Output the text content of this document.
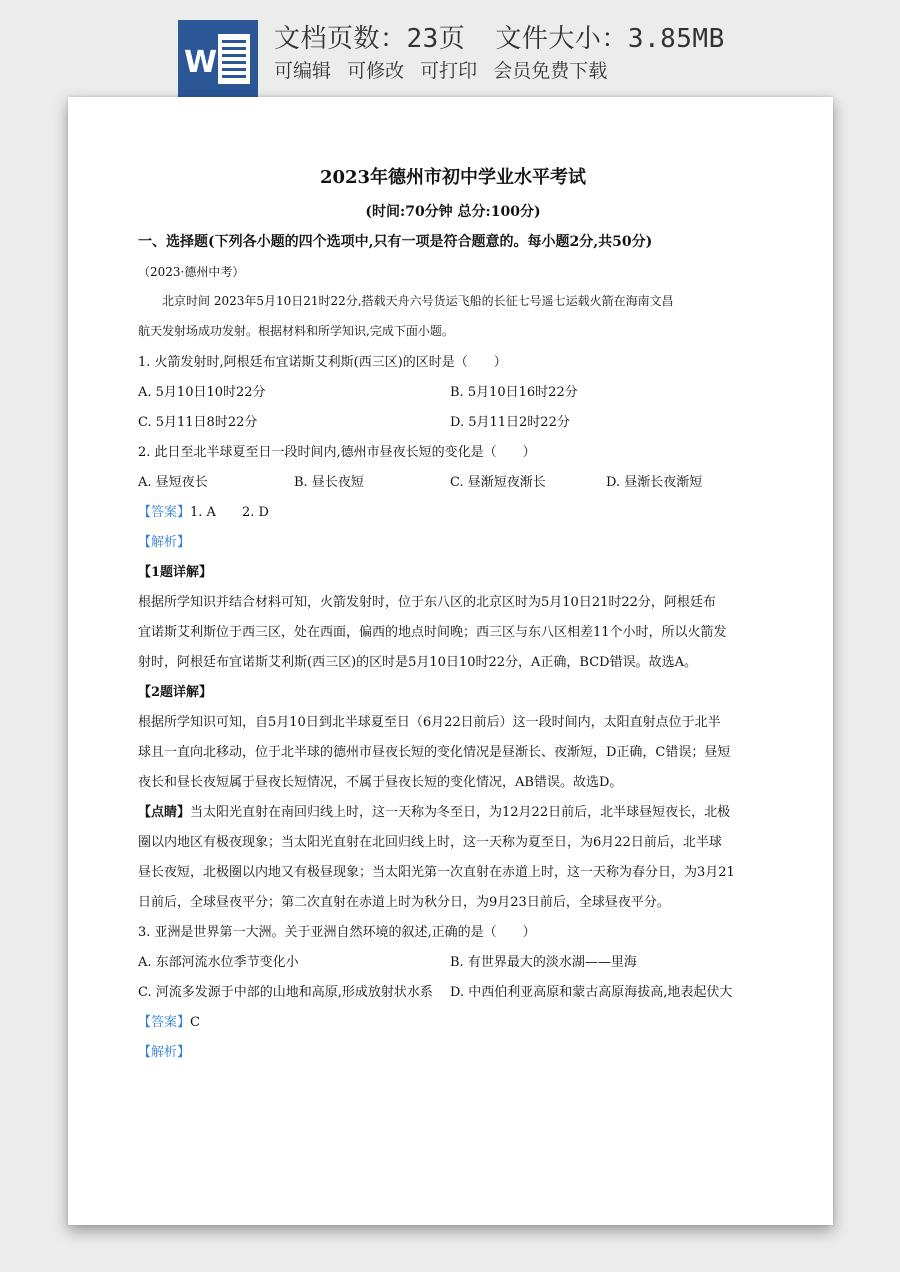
W
文档页数：23页 文件大小：3.85MB
可编辑 可修改 可打印 会员免费下载
2023年德州市初中学业水平考试
(时间:70分钟 总分:100分)
一、选择题(下列各小题的四个选项中,只有一项是符合题意的。每小题2分,共50分)
（2023·德州中考）
北京时间 2023年5月10日21时22分,搭载天舟六号货运飞船的长征七号遥七运载火箭在海南文昌
航天发射场成功发射。根据材料和所学知识,完成下面小题。
1. 火箭发射时,阿根廷布宜诺斯艾利斯(西三区)的区时是（　　）
A. 5月10日10时22分	B. 5月10日16时22分
C. 5月11日8时22分	D. 5月11日2时22分
2. 此日至北半球夏至日一段时间内,德州市昼夜长短的变化是（　　）
A. 昼短夜长	B. 昼长夜短	C. 昼渐短夜渐长	D. 昼渐长夜渐短
【答案】1. A　　2. D
【解析】
【1题详解】
根据所学知识并结合材料可知，火箭发射时，位于东八区的北京区时为5月10日21时22分，阿根廷布
宜诺斯艾利斯位于西三区，处在西面，偏西的地点时间晚；西三区与东八区相差11个小时，所以火箭发
射时，阿根廷布宜诺斯艾利斯(西三区)的区时是5月10日10时22分，A正确，BCD错误。故选A。
【2题详解】
根据所学知识可知，自5月10日到北半球夏至日（6月22日前后）这一段时间内，太阳直射点位于北半
球且一直向北移动，位于北半球的德州市昼夜长短的变化情况是昼渐长、夜渐短，D正确，C错误；昼短
夜长和昼长夜短属于昼夜长短情况，不属于昼夜长短的变化情况，AB错误。故选D。
【点睛】当太阳光直射在南回归线上时，这一天称为冬至日，为12月22日前后，北半球昼短夜长，北极
圈以内地区有极夜现象；当太阳光直射在北回归线上时，这一天称为夏至日，为6月22日前后，北半球
昼长夜短，北极圈以内地又有极昼现象；当太阳光第一次直射在赤道上时，这一天称为春分日，为3月21
日前后，全球昼夜平分；第二次直射在赤道上时为秋分日，为9月23日前后，全球昼夜平分。
3. 亚洲是世界第一大洲。关于亚洲自然环境的叙述,正确的是（　　）
A. 东部河流水位季节变化小	B. 有世界最大的淡水湖——里海
C. 河流多发源于中部的山地和高原,形成放射状水系 D. 中西伯利亚高原和蒙古高原海拔高,地表起伏大
【答案】C
【解析】
